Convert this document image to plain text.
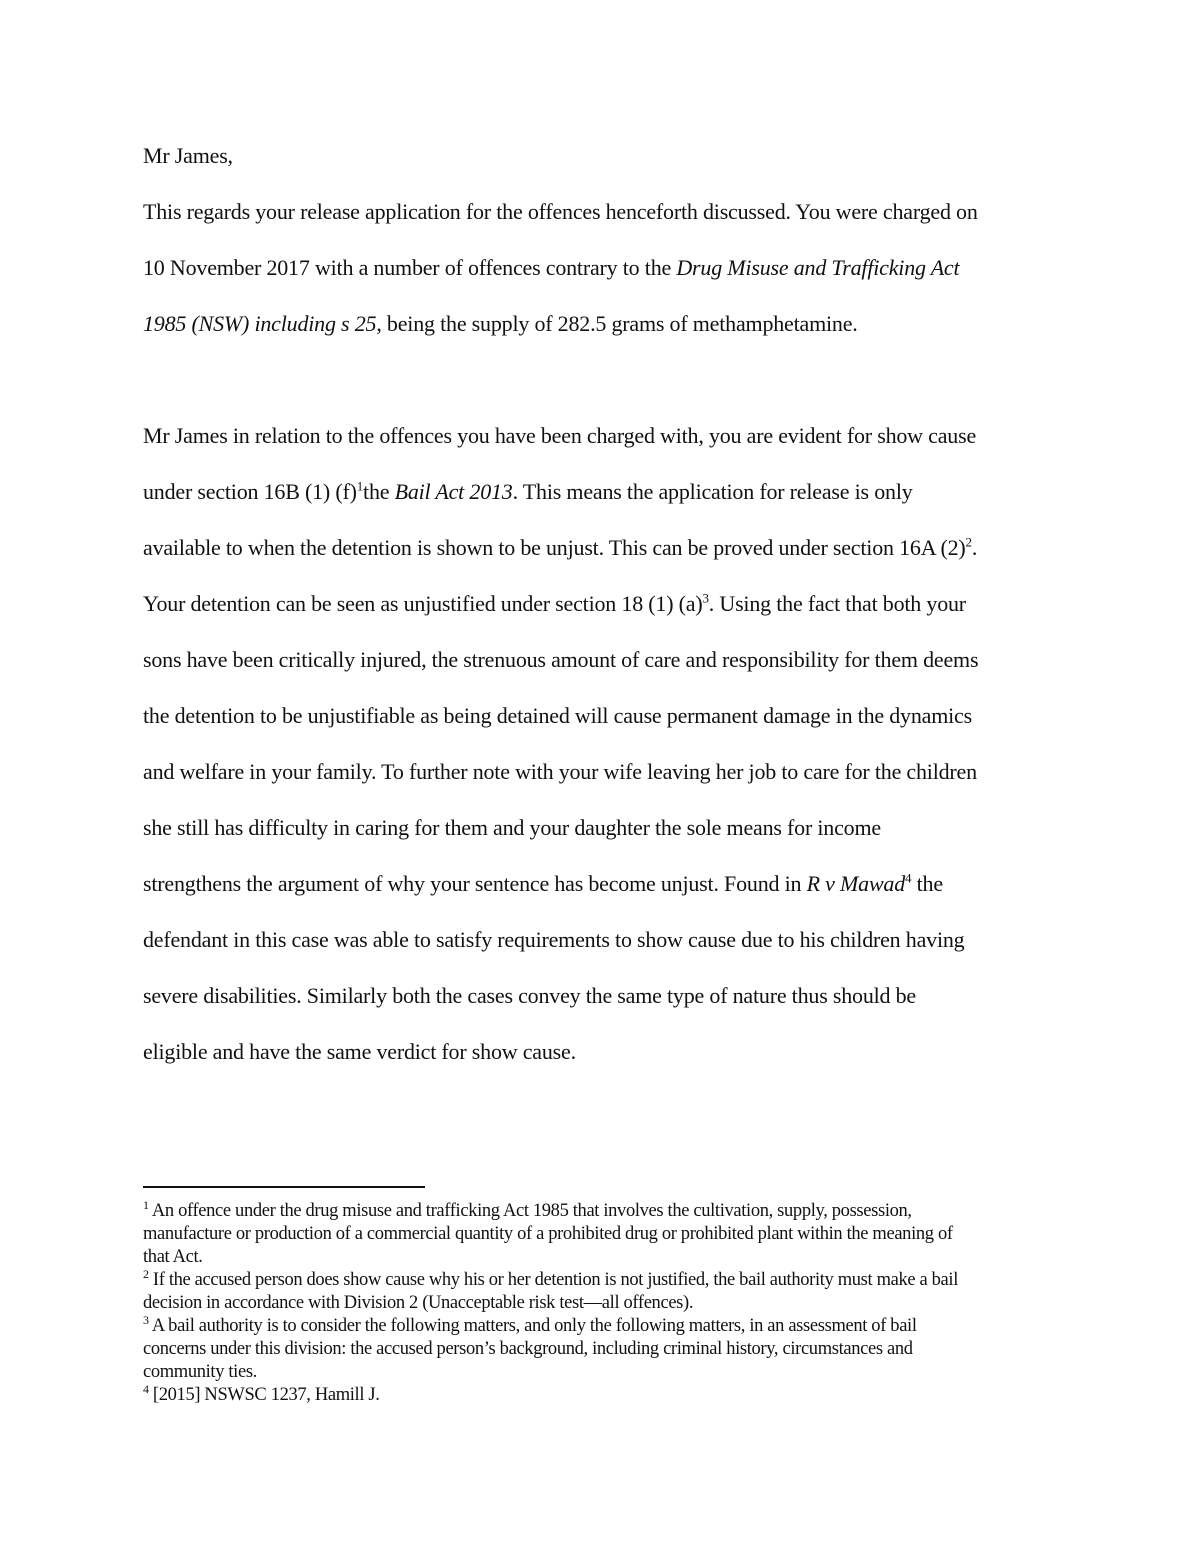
Mr James,
This regards your release application for the offences henceforth discussed. You were charged on
10 November 2017 with a number of offences contrary to the Drug Misuse and Trafficking Act
1985 (NSW) including s 25, being the supply of 282.5 grams of methamphetamine.
Mr James in relation to the offences you have been charged with, you are evident for show cause
under section 16B (1) $(f)^1the$ Bail Act 2013. This means the application for release is only
available to when the detention is shown to be unjust. This can be proved under section 16A $(2)^2$.
Your detention can be seen as unjustified under section 18 (1) $(a)^3$. Using the fact that both your
sons have been critically injured, the strenuous amount of care and responsibility for them deems
the detention to be unjustifiable as being detained will cause permanent damage in the dynamics
and welfare in your family. To further note with your wife leaving her job to care for the children
she still has difficulty in caring for them and your daughter the sole means for income
strengthens the argument of why your sentence has become unjust. Found in R v Mawad$^4$ the
defendant in this case was able to satisfy requirements to show cause due to his children having
severe disabilities. Similarly both the cases convey the same type of nature thus should be
eligible and have the same verdict for show cause.
$^1$ An offence under the drug misuse and trafficking Act 1985 that involves the cultivation, supply, possession,
manufacture or production of a commercial quantity of a prohibited drug or prohibited plant within the meaning of
that Act.
$^2$ If the accused person does show cause why his or her detention is not justified, the bail authority must make a bail
decision in accordance with Division 2 (Unacceptable risk test—all offences).
$^3$ A bail authority is to consider the following matters, and only the following matters, in an assessment of bail
concerns under this division: the accused person’s background, including criminal history, circumstances and
community ties.
$^4$ [2015] NSWSC 1237, Hamill J.
